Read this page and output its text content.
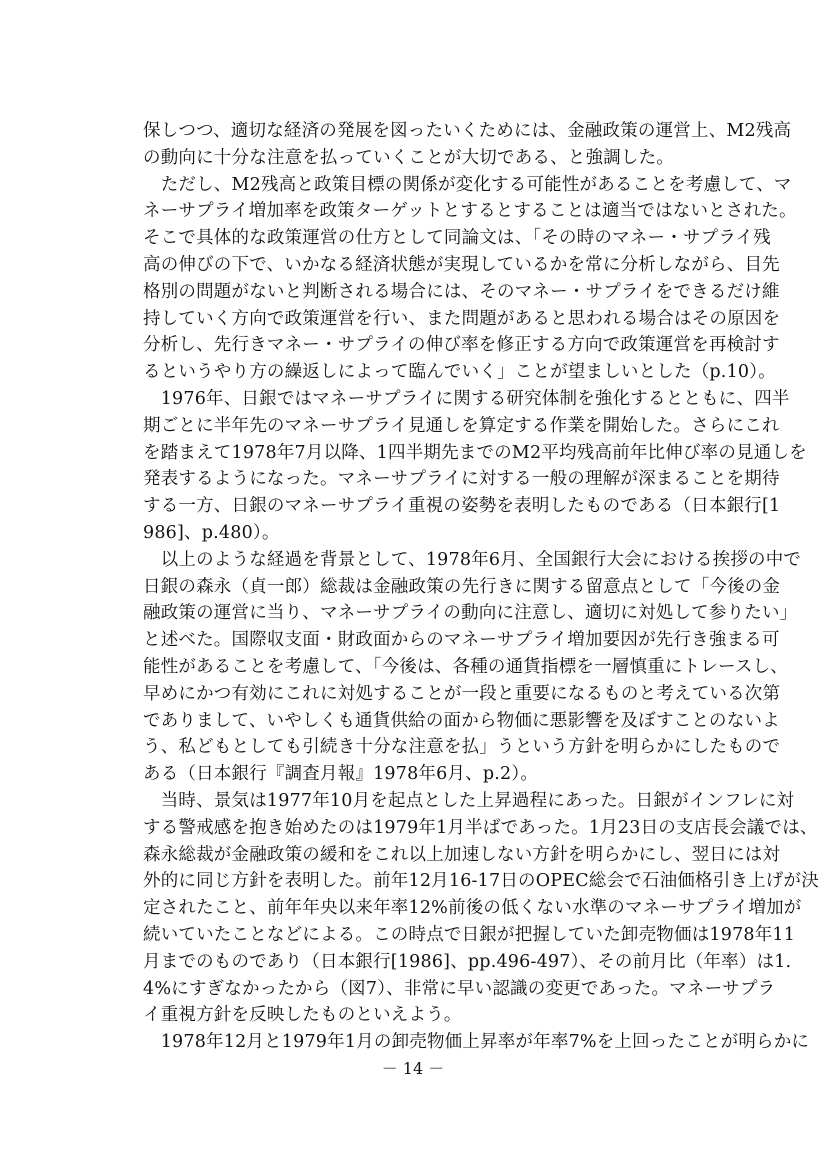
保しつつ、適切な経済の発展を図ったいくためには、金融政策の運営上、M2残高
の動向に十分な注意を払っていくことが大切である、と強調した。
　ただし、M2残高と政策目標の関係が変化する可能性があることを考慮して、マ
ネーサプライ増加率を政策ターゲットとするとすることは適当ではないとされた。
そこで具体的な政策運営の仕方として同論文は、「その時のマネー・サプライ残
高の伸びの下で、いかなる経済状態が実現しているかを常に分析しながら、目先
格別の問題がないと判断される場合には、そのマネー・サプライをできるだけ維
持していく方向で政策運営を行い、また問題があると思われる場合はその原因を
分析し、先行きマネー・サプライの伸び率を修正する方向で政策運営を再検討す
るというやり方の繰返しによって臨んでいく」ことが望ましいとした（p.10）。
　1976年、日銀ではマネーサプライに関する研究体制を強化するとともに、四半
期ごとに半年先のマネーサプライ見通しを算定する作業を開始した。さらにこれ
を踏まえて1978年7月以降、1四半期先までのM2平均残高前年比伸び率の見通しを
発表するようになった。マネーサプライに対する一般の理解が深まることを期待
する一方、日銀のマネーサプライ重視の姿勢を表明したものである（日本銀行[1
986]、p.480）。
　以上のような経過を背景として、1978年6月、全国銀行大会における挨拶の中で
日銀の森永（貞一郎）総裁は金融政策の先行きに関する留意点として「今後の金
融政策の運営に当り、マネーサプライの動向に注意し、適切に対処して参りたい」
と述べた。国際収支面・財政面からのマネーサプライ増加要因が先行き強まる可
能性があることを考慮して、「今後は、各種の通貨指標を一層慎重にトレースし、
早めにかつ有効にこれに対処することが一段と重要になるものと考えている次第
でありまして、いやしくも通貨供給の面から物価に悪影響を及ぼすことのないよ
う、私どもとしても引続き十分な注意を払」うという方針を明らかにしたもので
ある（日本銀行『調査月報』1978年6月、p.2）。
　当時、景気は1977年10月を起点とした上昇過程にあった。日銀がインフレに対
する警戒感を抱き始めたのは1979年1月半ばであった。1月23日の支店長会議では、
森永総裁が金融政策の緩和をこれ以上加速しない方針を明らかにし、翌日には対
外的に同じ方針を表明した。前年12月16-17日のOPEC総会で石油価格引き上げが決
定されたこと、前年年央以来年率12%前後の低くない水準のマネーサプライ増加が
続いていたことなどによる。この時点で日銀が把握していた卸売物価は1978年11
月までのものであり（日本銀行[1986]、pp.496-497）、その前月比（年率）は1.
4%にすぎなかったから（図7）、非常に早い認識の変更であった。マネーサプラ
イ重視方針を反映したものといえよう。
　1978年12月と1979年1月の卸売物価上昇率が年率7%を上回ったことが明らかに
－ 14 －
